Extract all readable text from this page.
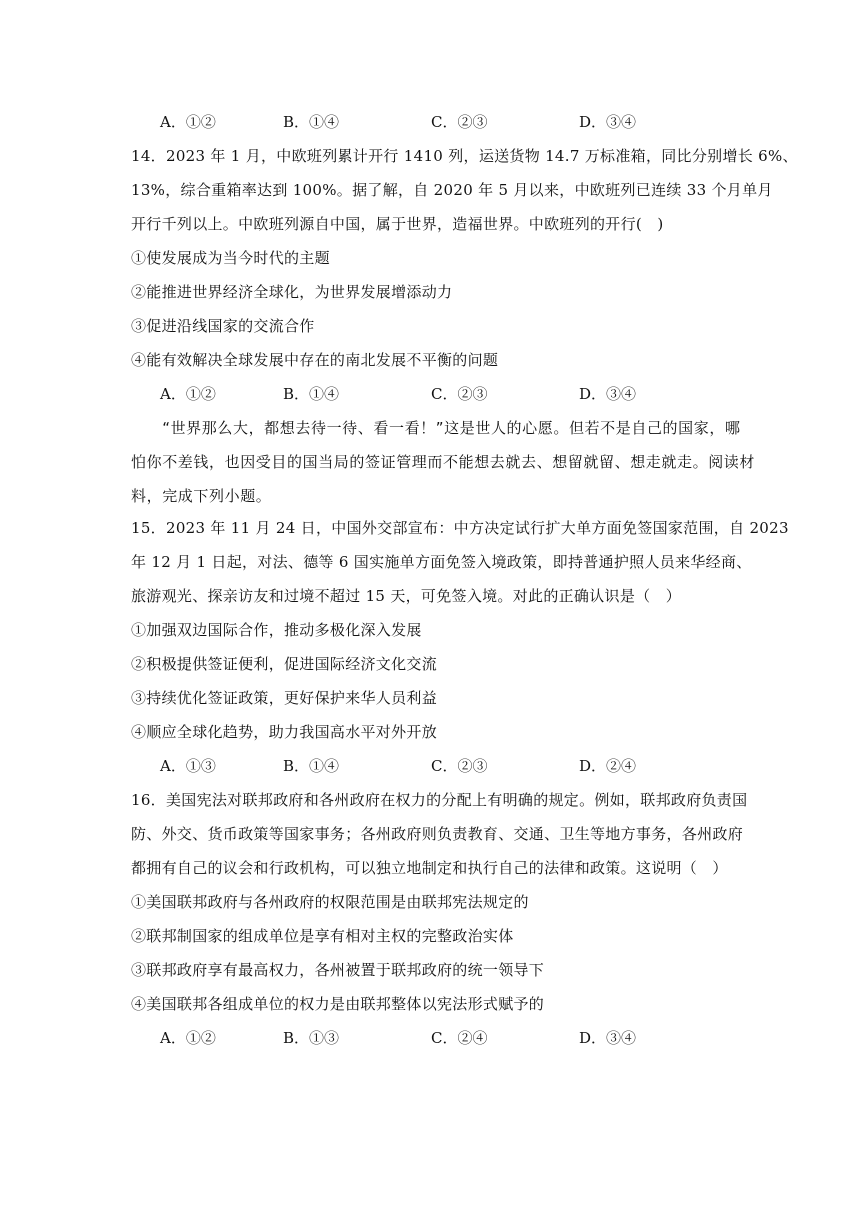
A．①②	B．①④	C．②③	D．③④
14．2023 年 1 月，中欧班列累计开行 1410 列，运送货物 14.7 万标准箱，同比分别增长 6%、
13%，综合重箱率达到 100%。据了解，自 2020 年 5 月以来，中欧班列已连续 33 个月单月
开行千列以上。中欧班列源自中国，属于世界，造福世界。中欧班列的开行(　)
①使发展成为当今时代的主题
②能推进世界经济全球化，为世界发展增添动力
③促进沿线国家的交流合作
④能有效解决全球发展中存在的南北发展不平衡的问题
A．①②	B．①④	C．②③	D．③④
　　“世界那么大，都想去待一待、看一看！”这是世人的心愿。但若不是自己的国家，哪
怕你不差钱，也因受目的国当局的签证管理而不能想去就去、想留就留、想走就走。阅读材
料，完成下列小题。
15．2023 年 11 月 24 日，中国外交部宣布：中方决定试行扩大单方面免签国家范围，自 2023
年 12 月 1 日起，对法、德等 6 国实施单方面免签入境政策，即持普通护照人员来华经商、
旅游观光、探亲访友和过境不超过 15 天，可免签入境。对此的正确认识是（　）
①加强双边国际合作，推动多极化深入发展
②积极提供签证便利，促进国际经济文化交流
③持续优化签证政策，更好保护来华人员利益
④顺应全球化趋势，助力我国高水平对外开放
A．①③	B．①④	C．②③	D．②④
16．美国宪法对联邦政府和各州政府在权力的分配上有明确的规定。例如，联邦政府负责国
防、外交、货币政策等国家事务；各州政府则负责教育、交通、卫生等地方事务，各州政府
都拥有自己的议会和行政机构，可以独立地制定和执行自己的法律和政策。这说明（　）
①美国联邦政府与各州政府的权限范围是由联邦宪法规定的
②联邦制国家的组成单位是享有相对主权的完整政治实体
③联邦政府享有最高权力，各州被置于联邦政府的统一领导下
④美国联邦各组成单位的权力是由联邦整体以宪法形式赋予的
A．①②	B．①③	C．②④	D．③④
